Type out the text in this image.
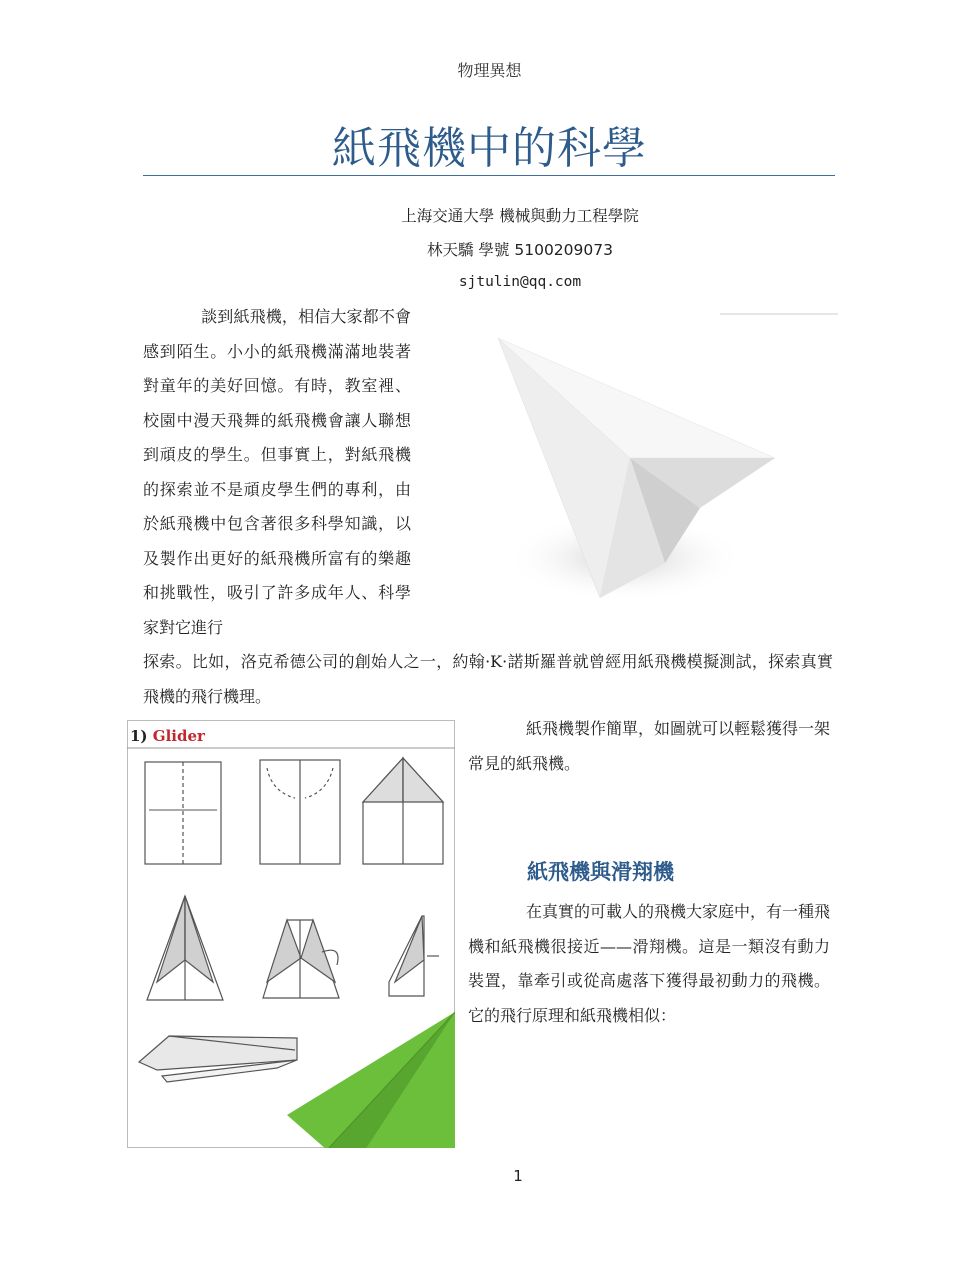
物理異想
紙飛機中的科學
上海交通大學 機械與動力工程學院
林天驕 學號 5100209073
sjtulin@qq.com
談到紙飛機，相信大家都不會感到陌生。小小的紙飛機滿滿地裝著對童年的美好回憶。有時，教室裡、校園中漫天飛舞的紙飛機會讓人聯想到頑皮的學生。但事實上，對紙飛機的探索並不是頑皮學生們的專利，由於紙飛機中包含著很多科學知識，以及製作出更好的紙飛機所富有的樂趣和挑戰性，吸引了許多成年人、科學家對它進行
探索。比如，洛克希德公司的創始人之一，約翰·K·諾斯羅普就曾經用紙飛機模擬測試，探索真實飛機的飛行機理。
1) Glider	紙飛機製作簡單，如圖就可以輕鬆獲得一架常見的紙飛機。
紙飛機與滑翔機
在真實的可載人的飛機大家庭中，有一種飛機和紙飛機很接近——滑翔機。這是一類沒有動力裝置，靠牽引或從高處落下獲得最初動力的飛機。它的飛行原理和紙飛機相似：
1
